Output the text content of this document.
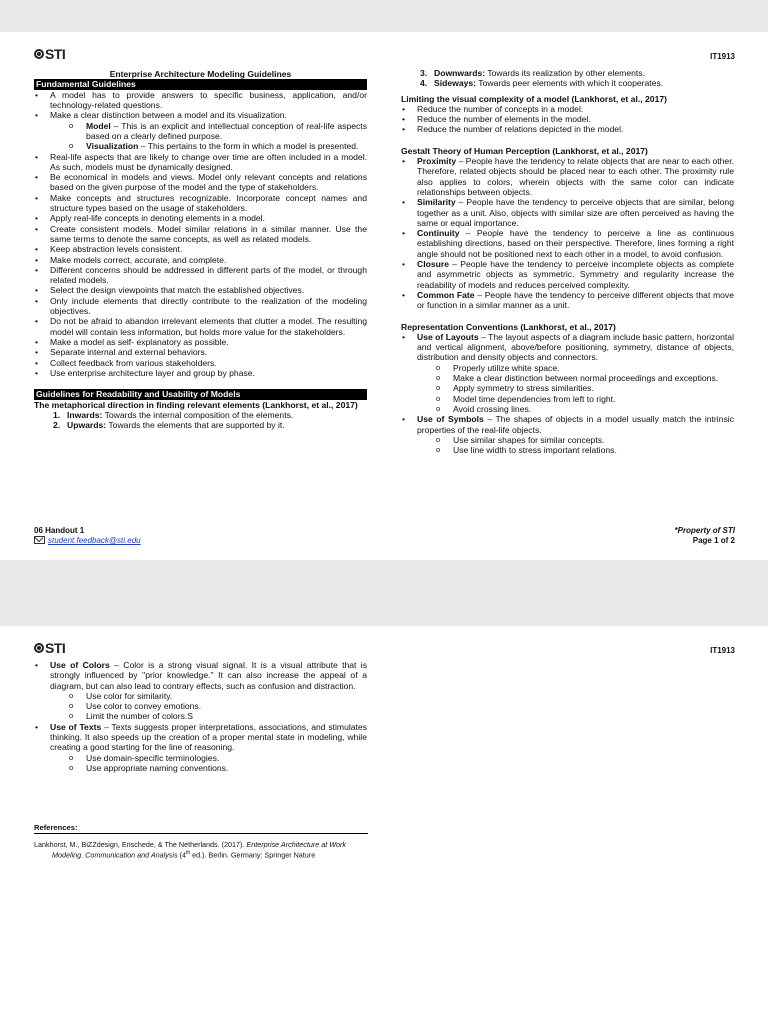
STI	IT1913

Enterprise Architecture Modeling Guidelines

Fundamental Guidelines

• A model has to provide answers to specific business, application, and/or technology-related questions.
• Make a clear distinction between a model and its visualization.
o Model – This is an explicit and intellectual conception of real-life aspects based on a clearly defined purpose.
o Visualization – This pertains to the form in which a model is presented.
• Real-life aspects that are likely to change over time are often included in a model. As such, models must be dynamically designed.
• Be economical in models and views. Model only relevant concepts and relations based on the given purpose of the model and the type of stakeholders.
• Make concepts and structures recognizable. Incorporate concept names and structure types based on the usage of stakeholders.
• Apply real-life concepts in denoting elements in a model.
• Create consistent models. Model similar relations in a similar manner. Use the same terms to denote the same concepts, as well as related models.
• Keep abstraction levels consistent.
• Make models correct, accurate, and complete.
• Different concerns should be addressed in different parts of the model, or through related models.
• Select the design viewpoints that match the established objectives.
• Only include elements that directly contribute to the realization of the modeling objectives.
• Do not be afraid to abandon irrelevant elements that clutter a model. The resulting model will contain less information, but holds more value for the stakeholders.
• Make a model as self- explanatory as possible.
• Separate internal and external behaviors.
• Collect feedback from various stakeholders.
• Use enterprise architecture layer and group by phase.

Guidelines for Readability and Usability of Models

The metaphorical direction in finding relevant elements (Lankhorst, et al., 2017)

1. Inwards: Towards the internal composition of the elements.
2. Upwards: Towards the elements that are supported by it.
3. Downwards: Towards its realization by other elements.
4. Sideways: Towards peer elements with which it cooperates.

Limiting the visual complexity of a model (Lankhorst, et al., 2017)

• Reduce the number of concepts in a model.
• Reduce the number of elements in the model.
• Reduce the number of relations depicted in the model.

Gestalt Theory of Human Perception (Lankhorst, et al., 2017)

• Proximity – People have the tendency to relate objects that are near to each other. Therefore, related objects should be placed near to each other. The proximity rule also applies to colors, wherein objects with the same color can indicate relationships between objects.
• Similarity – People have the tendency to perceive objects that are similar, belong together as a unit. Also, objects with similar size are often perceived as having the same or equal importance.
• Continuity – People have the tendency to perceive a line as continuous establishing directions, based on their perspective. Therefore, lines forming a right angle should not be positioned next to each other in a model, to avoid confusion.
• Closure – People have the tendency to perceive incomplete objects as complete and asymmetric objects as symmetric. Symmetry and regularity increase the readability of models and reduces perceived complexity.
• Common Fate – People have the tendency to perceive different objects that move or function in a similar manner as a unit.

Representation Conventions (Lankhorst, et al., 2017)

• Use of Layouts – The layout aspects of a diagram include basic pattern, horizontal and vertical alignment, above/before positioning, symmetry, distance of objects, distribution and density objects and connectors.
o Properly utilize white space.
o Make a clear distinction between normal proceedings and exceptions.
o Apply symmetry to stress similarities.
o Model time dependencies from left to right.
o Avoid crossing lines.
• Use of Symbols – The shapes of objects in a model usually match the intrinsic properties of the real-life objects.
o Use similar shapes for similar concepts.
o Use line width to stress important relations.
06 Handout 1
student.feedback@sti.edu
*Property of STI
Page 1 of 2
STI	IT1913
• Use of Colors – Color is a strong visual signal. It is a visual attribute that is strongly influenced by "prior knowledge." It can also increase the appeal of a diagram, but can also lead to contrary effects, such as confusion and distraction.
o Use color for similarity.
o Use color to convey emotions.
o Limit the number of colors.S
• Use of Texts – Texts suggests proper interpretations, associations, and stimulates thinking. It also speeds up the creation of a proper mental state in modeling, while creating a good starting for the line of reasoning.
o Use domain-specific terminologies.
o Use appropriate naming conventions.
References:
Lankhorst, M., BiZZdesign, Enschede, & The Netherlands. (2017). Enterprise Architecture at Work Modeling. Communication and Analysis (4th ed.). Berlin. Germany: Springer Nature
